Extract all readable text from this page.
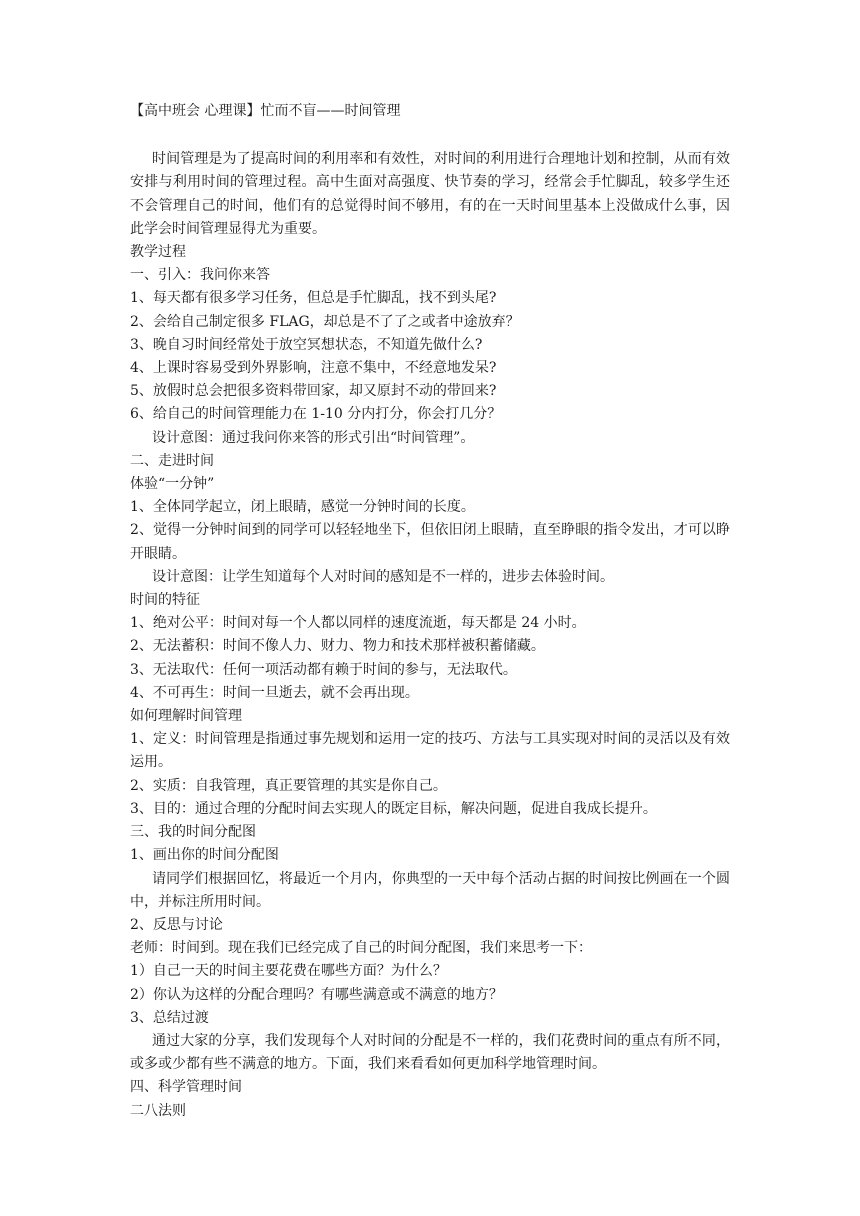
【高中班会 心理课】忙而不盲——时间管理

时间管理是为了提高时间的利用率和有效性，对时间的利用进行合理地计划和控制，从而有效安排与利用时间的管理过程。高中生面对高强度、快节奏的学习，经常会手忙脚乱，较多学生还不会管理自己的时间，他们有的总觉得时间不够用，有的在一天时间里基本上没做成什么事，因此学会时间管理显得尤为重要。

教学过程

一、引入：我问你来答

1、每天都有很多学习任务，但总是手忙脚乱，找不到头尾?

2、会给自己制定很多 FLAG，却总是不了了之或者中途放弃？

3、晚自习时间经常处于放空冥想状态，不知道先做什么?

4、上课时容易受到外界影响，注意不集中，不经意地发呆?

5、放假时总会把很多资料带回家，却又原封不动的带回来?

6、给自己的时间管理能力在 1-10 分内打分，你会打几分？

设计意图：通过我问你来答的形式引出“时间管理”。

二、走进时间

体验“一分钟”

1、全体同学起立，闭上眼睛，感觉一分钟时间的长度。

2、觉得一分钟时间到的同学可以轻轻地坐下，但依旧闭上眼睛，直至睁眼的指令发出，才可以睁开眼睛。

设计意图：让学生知道每个人对时间的感知是不一样的，进步去体验时间。

时间的特征

1、绝对公平：时间对每一个人都以同样的速度流逝，每天都是 24 小时。

2、无法蓄积：时间不像人力、财力、物力和技术那样被积蓄储藏。

3、无法取代：任何一项活动都有赖于时间的参与，无法取代。

4、不可再生：时间一旦逝去，就不会再出现。

如何理解时间管理

1、定义：时间管理是指通过事先规划和运用一定的技巧、方法与工具实现对时间的灵活以及有效运用。

2、实质：自我管理，真正要管理的其实是你自己。

3、目的：通过合理的分配时间去实现人的既定目标，解决问题，促进自我成长提升。

三、我的时间分配图

1、画出你的时间分配图

请同学们根据回忆，将最近一个月内，你典型的一天中每个活动占据的时间按比例画在一个圆中，并标注所用时间。

2、反思与讨论

老师：时间到。现在我们已经完成了自己的时间分配图，我们来思考一下：

1）自己一天的时间主要花费在哪些方面？为什么？

2）你认为这样的分配合理吗？有哪些满意或不满意的地方？

3、总结过渡

通过大家的分享，我们发现每个人对时间的分配是不一样的，我们花费时间的重点有所不同，或多或少都有些不满意的地方。下面，我们来看看如何更加科学地管理时间。

四、科学管理时间

二八法则
